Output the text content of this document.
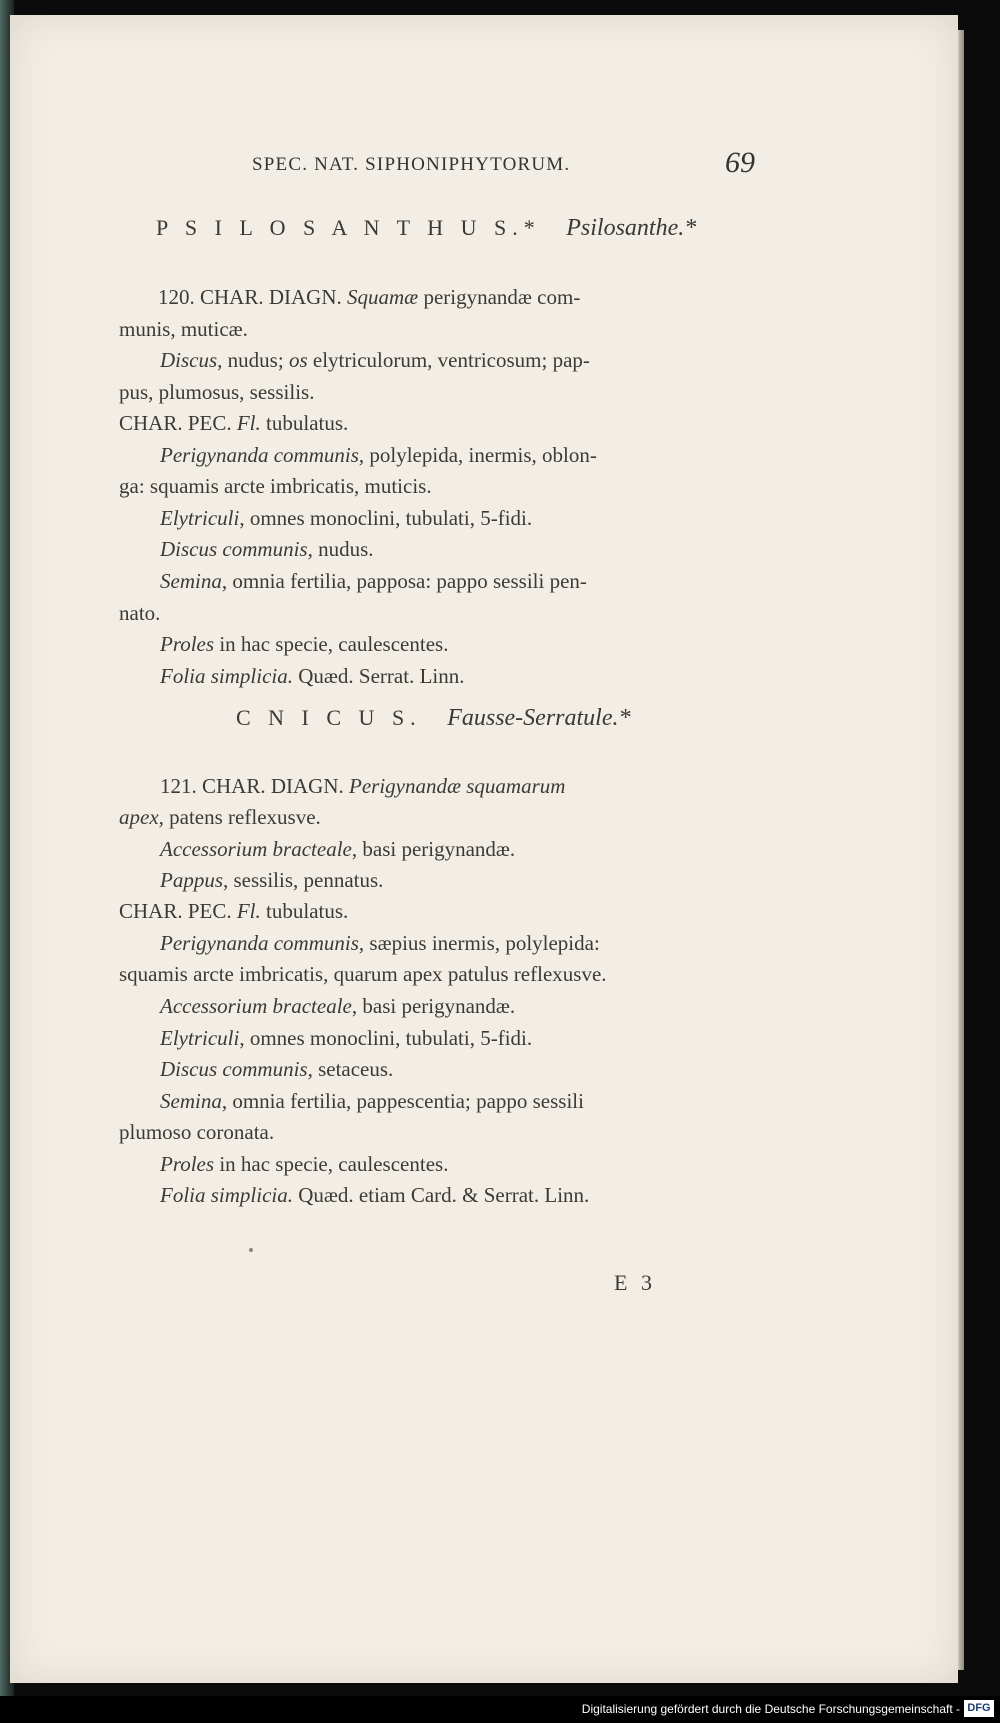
SPEC. NAT. SIPHONIPHYTORUM.	69
P S I L O S A N T H U S.* Psilosanthe.*
120. CHAR. DIAGN. Squamæ perigynandæ com-
munis, muticæ.
Discus, nudus; os elytriculorum, ventricosum; pap-
pus, plumosus, sessilis.
CHAR. PEC. Fl. tubulatus.
Perigynanda communis, polylepida, inermis, oblon-
ga: squamis arcte imbricatis, muticis.
Elytriculi, omnes monoclini, tubulati, 5-fidi.
Discus communis, nudus.
Semina, omnia fertilia, papposa: pappo sessili pen-
nato.
Proles in hac specie, caulescentes.
Folia simplicia. Quæd. Serrat. Linn.
C N I C U S. Fausse-Serratule.*
121. CHAR. DIAGN. Perigynandæ squamarum
apex, patens reflexusve.
Accessorium bracteale, basi perigynandæ.
Pappus, sessilis, pennatus.
CHAR. PEC. Fl. tubulatus.
Perigynanda communis, sæpius inermis, polylepida:
squamis arcte imbricatis, quarum apex patulus reflexusve.
Accessorium bracteale, basi perigynandæ.
Elytriculi, omnes monoclini, tubulati, 5-fidi.
Discus communis, setaceus.
Semina, omnia fertilia, pappescentia; pappo sessili
plumoso coronata.
Proles in hac specie, caulescentes.
Folia simplicia. Quæd. etiam Card. & Serrat. Linn.
E 3
Digitalisierung gefördert durch die Deutsche Forschungsgemeinschaft - DFG
